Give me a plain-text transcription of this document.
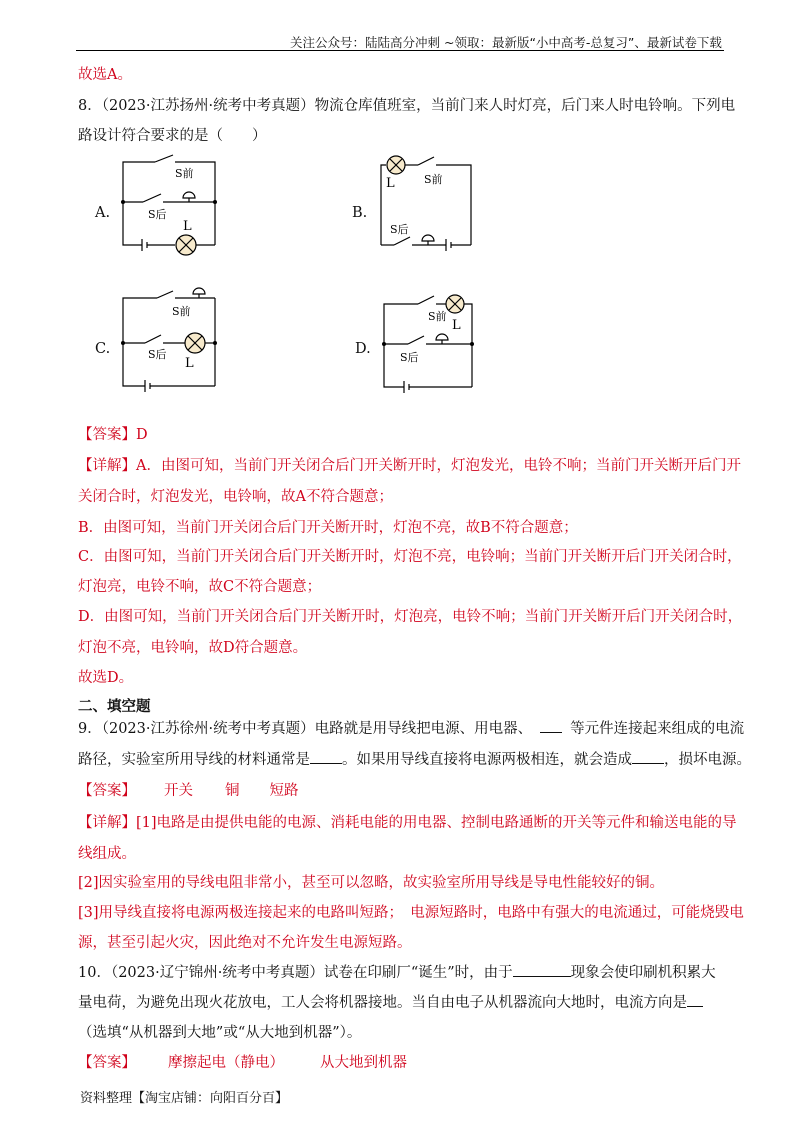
关注公众号：陆陆高分冲刺 ~领取：最新版“小中高考-总复习”、最新试卷下载
故选A。
8．（2023·江苏扬州·统考中考真题）物流仓库值班室，当前门来人时灯亮，后门来人时电铃响。下列电
路设计符合要求的是（　　）
A.
S前
S后
L
B.
L	S前
S后
C.
S前
S后
L
D.
S前
L
S后
【答案】D
【详解】A．由图可知，当前门开关闭合后门开关断开时，灯泡发光，电铃不响；当前门开关断开后门开
关闭合时，灯泡发光，电铃响，故A不符合题意；
B．由图可知，当前门开关闭合后门开关断开时，灯泡不亮，故B不符合题意；
C．由图可知，当前门开关闭合后门开关断开时，灯泡不亮，电铃响；当前门开关断开后门开关闭合时，
灯泡亮，电铃不响，故C不符合题意；
D．由图可知，当前门开关闭合后门开关断开时，灯泡亮，电铃不响；当前门开关断开后门开关闭合时，
灯泡不亮，电铃响，故D符合题意。
故选D。
二、填空题
9．（2023·江苏徐州·统考中考真题）电路就是用导线把电源、用电器、	等元件连接起来组成的电流
路径，实验室所用导线的材料通常是 。如果用导线直接将电源两极相连，就会造成 ，损坏电源。
【答案】 开关 铜 短路
【详解】[1]电路是由提供电能的电源、消耗电能的用电器、控制电路通断的开关等元件和输送电能的导
线组成。
[2]因实验室用的导线电阻非常小，甚至可以忽略，故实验室所用导线是导电性能较好的铜。
[3]用导线直接将电源两极连接起来的电路叫短路；　电源短路时，电路中有强大的电流通过，可能烧毁电
源，甚至引起火灾，因此绝对不允许发生电源短路。
10．（2023·辽宁锦州·统考中考真题）试卷在印刷厂“诞生”时，由于	现象会使印刷机积累大
量电荷，为避免出现火花放电，工人会将机器接地。当自由电子从机器流向大地时，电流方向是
（选填“从机器到大地”或“从大地到机器”）。
【答案】 摩擦起电（静电） 从大地到机器
资料整理【淘宝店铺：向阳百分百】
